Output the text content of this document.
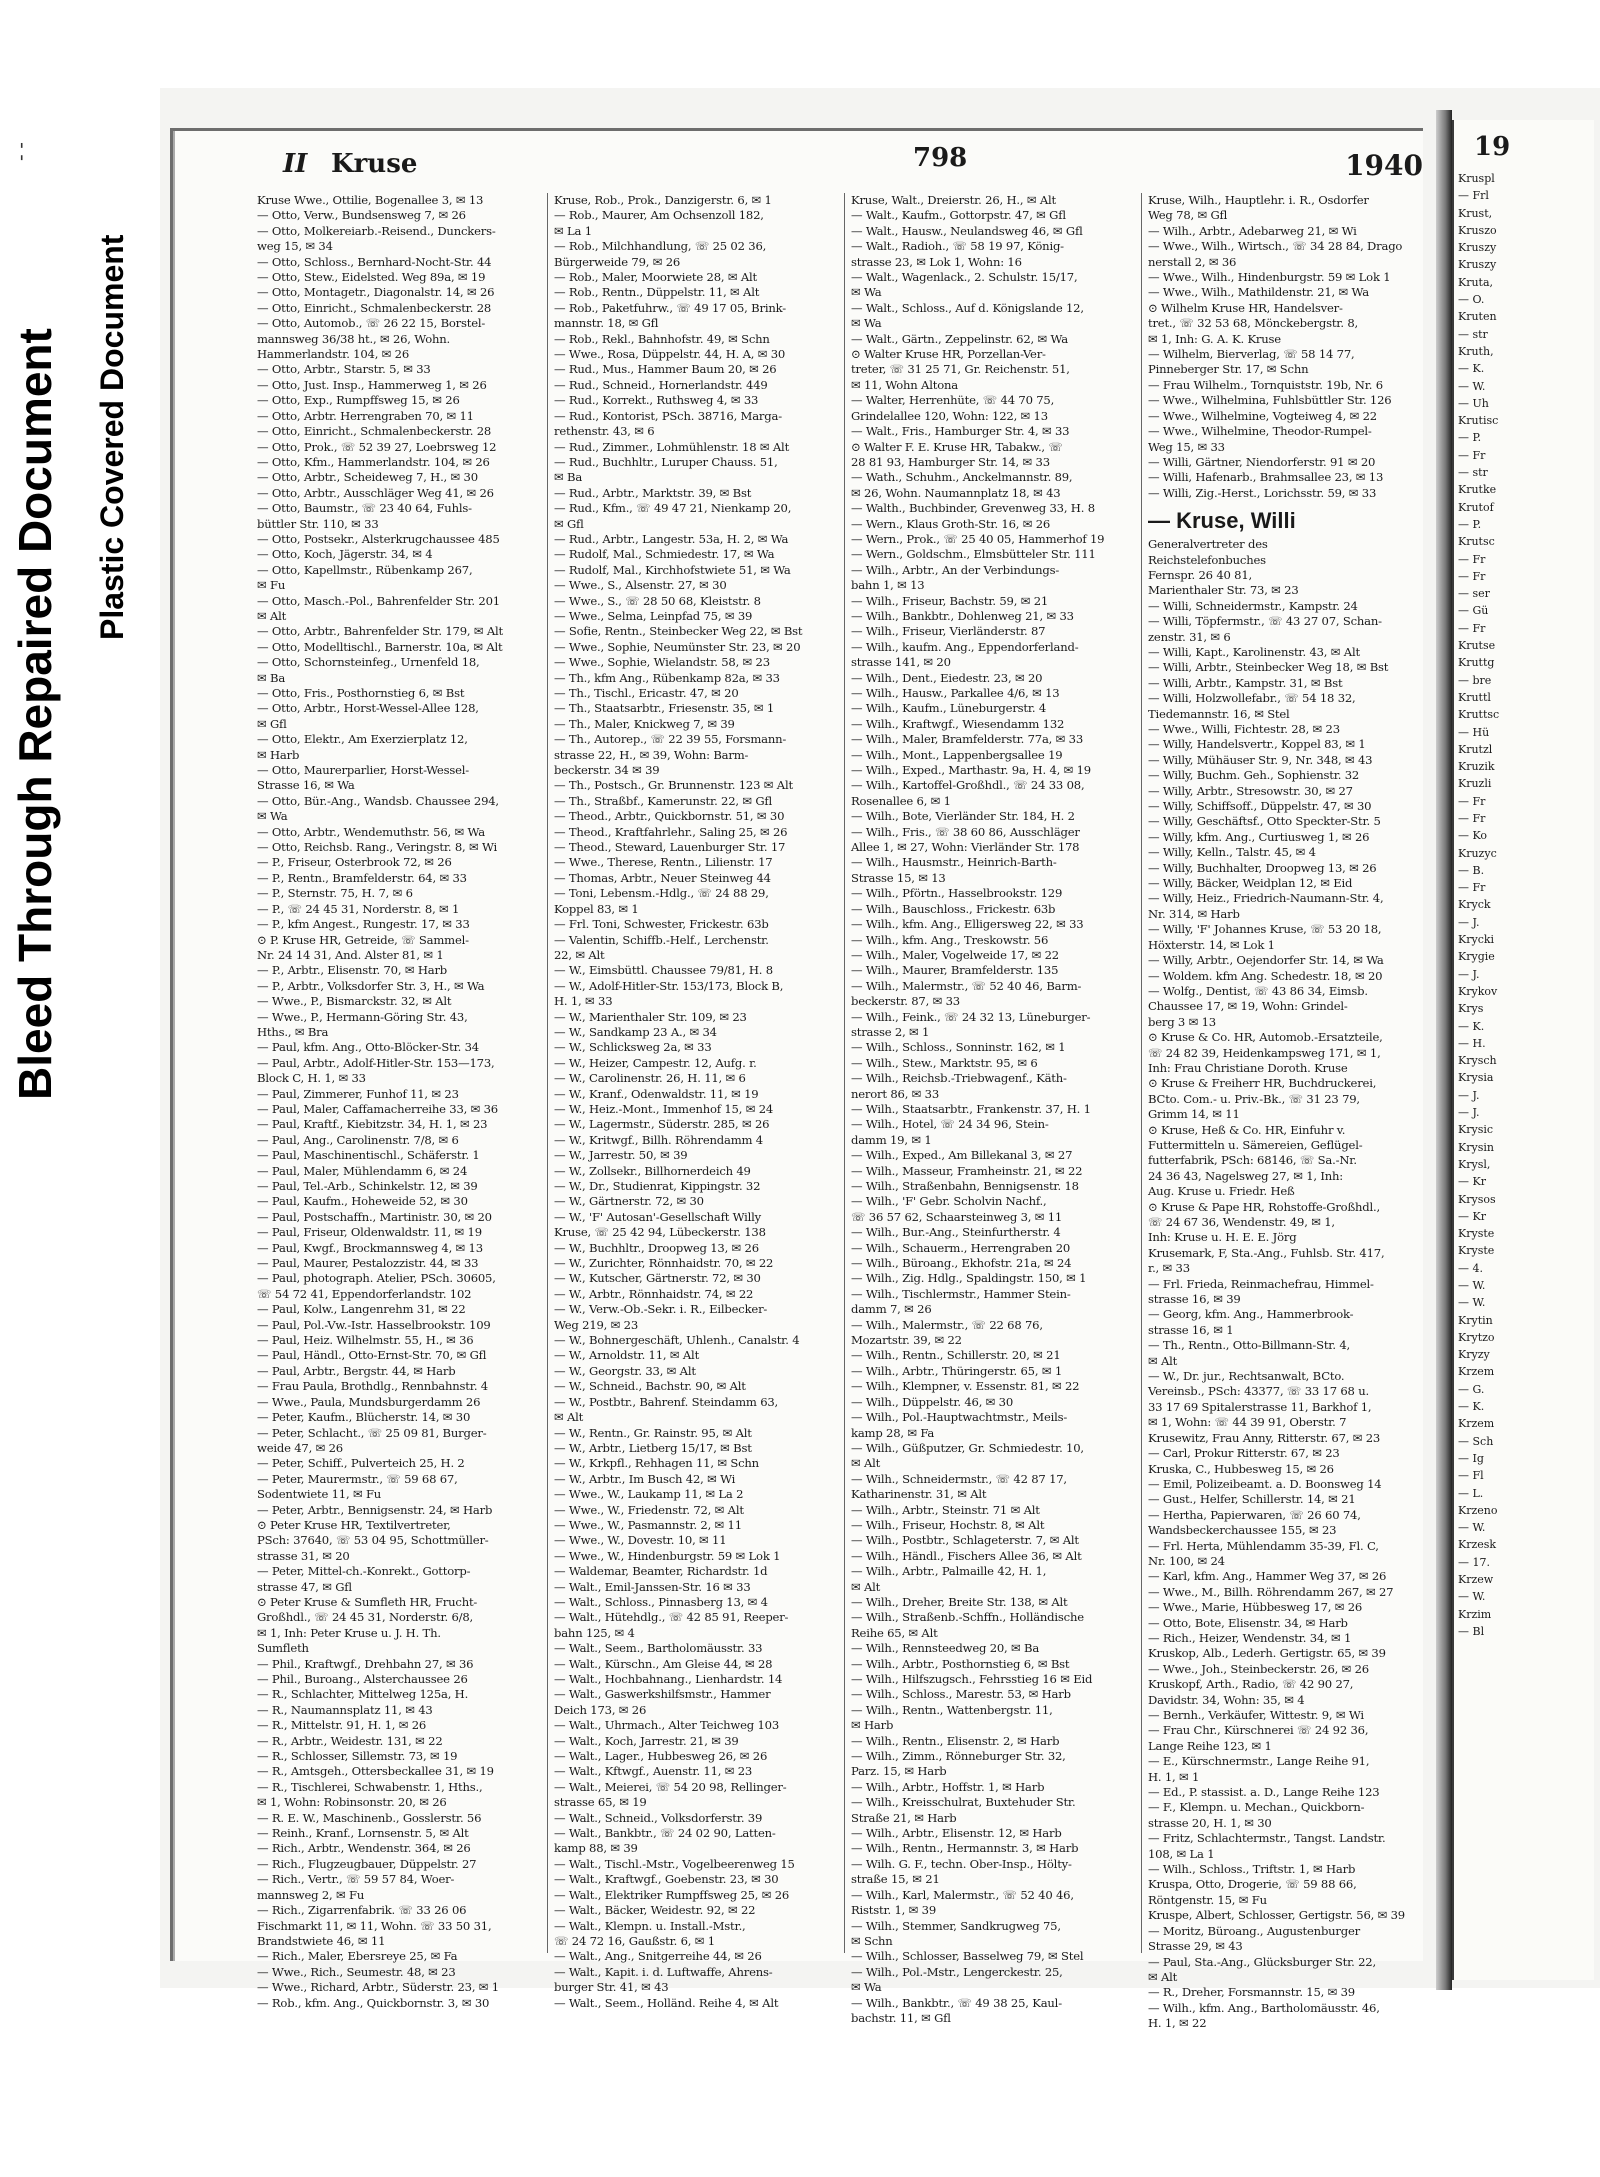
- -
Bleed Through Repaired Document Plastic Covered Document
II Kruse	798	1940
Kruse Wwe., Ottilie, Bogenallee 3, ✉ 13
— Otto, Verw., Bundsensweg 7, ✉ 26
— Otto, Molkereiarb.-Reisend., Dunckers-
weg 15, ✉ 34
— Otto, Schloss., Bernhard-Nocht-Str. 44
— Otto, Stew., Eidelsted. Weg 89a, ✉ 19
— Otto, Montagetr., Diagonalstr. 14, ✉ 26
— Otto, Einricht., Schmalenbeckerstr. 28
— Otto, Automob., ☏ 26 22 15, Borstel-
mannsweg 36/38 ht., ✉ 26, Wohn.
Hammerlandstr. 104, ✉ 26
— Otto, Arbtr., Starstr. 5, ✉ 33
— Otto, Just. Insp., Hammerweg 1, ✉ 26
— Otto, Exp., Rumpffsweg 15, ✉ 26
— Otto, Arbtr. Herrengraben 70, ✉ 11
— Otto, Einricht., Schmalenbeckerstr. 28
— Otto, Prok., ☏ 52 39 27, Loebrsweg 12
— Otto, Kfm., Hammerlandstr. 104, ✉ 26
— Otto, Arbtr., Scheideweg 7, H., ✉ 30
— Otto, Arbtr., Ausschläger Weg 41, ✉ 26
— Otto, Baumstr., ☏ 23 40 64, Fuhls-
büttler Str. 110, ✉ 33
— Otto, Postsekr., Alsterkrugchaussee 485
— Otto, Koch, Jägerstr. 34, ✉ 4
— Otto, Kapellmstr., Rübenkamp 267,
✉ Fu
— Otto, Masch.-Pol., Bahrenfelder Str. 201
✉ Alt
— Otto, Arbtr., Bahrenfelder Str. 179, ✉ Alt
— Otto, Modelltischl., Barnerstr. 10a, ✉ Alt
— Otto, Schornsteinfeg., Urnenfeld 18,
✉ Ba
— Otto, Fris., Posthornstieg 6, ✉ Bst
— Otto, Arbtr., Horst-Wessel-Allee 128,
✉ Gfl
— Otto, Elektr., Am Exerzierplatz 12,
✉ Harb
— Otto, Maurerparlier, Horst-Wessel-
Strasse 16, ✉ Wa
— Otto, Bür.-Ang., Wandsb. Chaussee 294,
✉ Wa
— Otto, Arbtr., Wendemuthstr. 56, ✉ Wa
— Otto, Reichsb. Rang., Veringstr. 8, ✉ Wi
— P., Friseur, Osterbrook 72, ✉ 26
— P., Rentn., Bramfelderstr. 64, ✉ 33
— P., Sternstr. 75, H. 7, ✉ 6
— P., ☏ 24 45 31, Norderstr. 8, ✉ 1
— P., kfm Angest., Rungestr. 17, ✉ 33
⊙ P. Kruse HR, Getreide, ☏ Sammel-
Nr. 24 14 31, And. Alster 81, ✉ 1
— P., Arbtr., Elisenstr. 70, ✉ Harb
— P., Arbtr., Volksdorfer Str. 3, H., ✉ Wa
— Wwe., P., Bismarckstr. 32, ✉ Alt
— Wwe., P., Hermann-Göring Str. 43,
Hths., ✉ Bra
— Paul, kfm. Ang., Otto-Blöcker-Str. 34
— Paul, Arbtr., Adolf-Hitler-Str. 153—173,
Block C, H. 1, ✉ 33
— Paul, Zimmerer, Funhof 11, ✉ 23
— Paul, Maler, Caffamacherreihe 33, ✉ 36
— Paul, Kraftf., Kiebitzstr. 34, H. 1, ✉ 23
— Paul, Ang., Carolinenstr. 7/8, ✉ 6
— Paul, Maschinentischl., Schäferstr. 1
— Paul, Maler, Mühlendamm 6, ✉ 24
— Paul, Tel.-Arb., Schinkelstr. 12, ✉ 39
— Paul, Kaufm., Hoheweide 52, ✉ 30
— Paul, Postschaffn., Martinistr. 30, ✉ 20
— Paul, Friseur, Oldenwaldstr. 11, ✉ 19
— Paul, Kwgf., Brockmannsweg 4, ✉ 13
— Paul, Maurer, Pestalozzistr. 44, ✉ 33
— Paul, photograph. Atelier, PSch. 30605,
☏ 54 72 41, Eppendorferlandstr. 102
— Paul, Kolw., Langenrehm 31, ✉ 22
— Paul, Pol.-Vw.-Istr. Hasselbrookstr. 109
— Paul, Heiz. Wilhelmstr. 55, H., ✉ 36
— Paul, Händl., Otto-Ernst-Str. 70, ✉ Gfl
— Paul, Arbtr., Bergstr. 44, ✉ Harb
— Frau Paula, Brothdlg., Rennbahnstr. 4
— Wwe., Paula, Mundsburgerdamm 26
— Peter, Kaufm., Blücherstr. 14, ✉ 30
— Peter, Schlacht., ☏ 25 09 81, Burger-
weide 47, ✉ 26
— Peter, Schiff., Pulverteich 25, H. 2
— Peter, Maurermstr., ☏ 59 68 67,
Sodentwiete 11, ✉ Fu
— Peter, Arbtr., Bennigsenstr. 24, ✉ Harb
⊙ Peter Kruse HR, Textilvertreter,
PSch: 37640, ☏ 53 04 95, Schottmüller-
strasse 31, ✉ 20
— Peter, Mittel-ch.-Konrekt., Gottorp-
strasse 47, ✉ Gfl
⊙ Peter Kruse & Sumfleth HR, Frucht-
Großhdl., ☏ 24 45 31, Norderstr. 6/8,
✉ 1, Inh: Peter Kruse u. J. H. Th.
Sumfleth
— Phil., Kraftwgf., Drehbahn 27, ✉ 36
— Phil., Buroang., Alsterchaussee 26
— R., Schlachter, Mittelweg 125a, H.
— R., Naumannsplatz 11, ✉ 43
— R., Mittelstr. 91, H. 1, ✉ 26
— R., Arbtr., Weidestr. 131, ✉ 22
— R., Schlosser, Sillemstr. 73, ✉ 19
— R., Amtsgeh., Ottersbeckallee 31, ✉ 19
— R., Tischlerei, Schwabenstr. 1, Hths.,
✉ 1, Wohn: Robinsonstr. 20, ✉ 26
— R. E. W., Maschinenb., Gosslerstr. 56
— Reinh., Kranf., Lornsenstr. 5, ✉ Alt
— Rich., Arbtr., Wendenstr. 364, ✉ 26
— Rich., Flugzeugbauer, Düppelstr. 27
— Rich., Vertr., ☏ 59 57 84, Woer-
mannsweg 2, ✉ Fu
— Rich., Zigarrenfabrik. ☏ 33 26 06
Fischmarkt 11, ✉ 11, Wohn. ☏ 33 50 31,
Brandstwiete 46, ✉ 11
— Rich., Maler, Ebersreye 25, ✉ Fa
— Wwe., Rich., Seumestr. 48, ✉ 23
— Wwe., Richard, Arbtr., Süderstr. 23, ✉ 1
— Rob., kfm. Ang., Quickbornstr. 3, ✉ 30
Kruse, Rob., Prok., Danzigerstr. 6, ✉ 1
— Rob., Maurer, Am Ochsenzoll 182,
✉ La 1
— Rob., Milchhandlung, ☏ 25 02 36,
Bürgerweide 79, ✉ 26
— Rob., Maler, Moorwiete 28, ✉ Alt
— Rob., Rentn., Düppelstr. 11, ✉ Alt
— Rob., Paketfuhrw., ☏ 49 17 05, Brink-
mannstr. 18, ✉ Gfl
— Rob., Rekl., Bahnhofstr. 49, ✉ Schn
— Wwe., Rosa, Düppelstr. 44, H. A, ✉ 30
— Rud., Mus., Hammer Baum 20, ✉ 26
— Rud., Schneid., Hornerlandstr. 449
— Rud., Korrekt., Ruthsweg 4, ✉ 33
— Rud., Kontorist, PSch. 38716, Marga-
rethenstr. 43, ✉ 6
— Rud., Zimmer., Lohmühlenstr. 18 ✉ Alt
— Rud., Buchhltr., Luruper Chauss. 51,
✉ Ba
— Rud., Arbtr., Marktstr. 39, ✉ Bst
— Rud., Kfm., ☏ 49 47 21, Nienkamp 20,
✉ Gfl
— Rud., Arbtr., Langestr. 53a, H. 2, ✉ Wa
— Rudolf, Mal., Schmiedestr. 17, ✉ Wa
— Rudolf, Mal., Kirchhofstwiete 51, ✉ Wa
— Wwe., S., Alsenstr. 27, ✉ 30
— Wwe., S., ☏ 28 50 68, Kleiststr. 8
— Wwe., Selma, Leinpfad 75, ✉ 39
— Sofie, Rentn., Steinbecker Weg 22, ✉ Bst
— Wwe., Sophie, Neumünster Str. 23, ✉ 20
— Wwe., Sophie, Wielandstr. 58, ✉ 23
— Th., kfm Ang., Rübenkamp 82a, ✉ 33
— Th., Tischl., Ericastr. 47, ✉ 20
— Th., Staatsarbtr., Friesenstr. 35, ✉ 1
— Th., Maler, Knickweg 7, ✉ 39
— Th., Autorep., ☏ 22 39 55, Forsmann-
strasse 22, H., ✉ 39, Wohn: Barm-
beckerstr. 34 ✉ 39
— Th., Postsch., Gr. Brunnenstr. 123 ✉ Alt
— Th., Straßbf., Kamerunstr. 22, ✉ Gfl
— Theod., Arbtr., Quickbornstr. 51, ✉ 30
— Theod., Kraftfahrlehr., Saling 25, ✉ 26
— Theod., Steward, Lauenburger Str. 17
— Wwe., Therese, Rentn., Lilienstr. 17
— Thomas, Arbtr., Neuer Steinweg 44
— Toni, Lebensm.-Hdlg., ☏ 24 88 29,
Koppel 83, ✉ 1
— Frl. Toni, Schwester, Frickestr. 63b
— Valentin, Schiffb.-Helf., Lerchenstr.
22, ✉ Alt
— W., Eimsbüttl. Chaussee 79/81, H. 8
— W., Adolf-Hitler-Str. 153/173, Block B,
H. 1, ✉ 33
— W., Marienthaler Str. 109, ✉ 23
— W., Sandkamp 23 A., ✉ 34
— W., Schlicksweg 2a, ✉ 33
— W., Heizer, Campestr. 12, Aufg. r.
— W., Carolinenstr. 26, H. 11, ✉ 6
— W., Kranf., Odenwaldstr. 11, ✉ 19
— W., Heiz.-Mont., Immenhof 15, ✉ 24
— W., Lagermstr., Süderstr. 285, ✉ 26
— W., Kritwgf., Billh. Röhrendamm 4
— W., Jarrestr. 50, ✉ 39
— W., Zollsekr., Billhornerdeich 49
— W., Dr., Studienrat, Kippingstr. 32
— W., Gärtnerstr. 72, ✉ 30
— W., 'F' Autosan'-Gesellschaft Willy
Kruse, ☏ 25 42 94, Lübeckerstr. 138
— W., Buchhltr., Droopweg 13, ✉ 26
— W., Zurichter, Rönnhaidstr. 70, ✉ 22
— W., Kutscher, Gärtnerstr. 72, ✉ 30
— W., Arbtr., Rönnhaidstr. 74, ✉ 22
— W., Verw.-Ob.-Sekr. i. R., Eilbecker-
Weg 219, ✉ 23
— W., Bohnergeschäft, Uhlenh., Canalstr. 4
— W., Arnoldstr. 11, ✉ Alt
— W., Georgstr. 33, ✉ Alt
— W., Schneid., Bachstr. 90, ✉ Alt
— W., Postbtr., Bahrenf. Steindamm 63,
✉ Alt
— W., Rentn., Gr. Rainstr. 95, ✉ Alt
— W., Arbtr., Lietberg 15/17, ✉ Bst
— W., Krkpfl., Rehhagen 11, ✉ Schn
— W., Arbtr., Im Busch 42, ✉ Wi
— Wwe., W., Laukamp 11, ✉ La 2
— Wwe., W., Friedenstr. 72, ✉ Alt
— Wwe., W., Pasmannstr. 2, ✉ 11
— Wwe., W., Dovestr. 10, ✉ 11
— Wwe., W., Hindenburgstr. 59 ✉ Lok 1
— Waldemar, Beamter, Richardstr. 1d
— Walt., Emil-Janssen-Str. 16 ✉ 33
— Walt., Schloss., Pinnasberg 13, ✉ 4
— Walt., Hütehdlg., ☏ 42 85 91, Reeper-
bahn 125, ✉ 4
— Walt., Seem., Bartholomäusstr. 33
— Walt., Kürschn., Am Gleise 44, ✉ 28
— Walt., Hochbahnang., Lienhardstr. 14
— Walt., Gaswerkshilfsmstr., Hammer
Deich 173, ✉ 26
— Walt., Uhrmach., Alter Teichweg 103
— Walt., Koch, Jarrestr. 21, ✉ 39
— Walt., Lager., Hubbesweg 26, ✉ 26
— Walt., Kftwgf., Auenstr. 11, ✉ 23
— Walt., Meierei, ☏ 54 20 98, Rellinger-
strasse 65, ✉ 19
— Walt., Schneid., Volksdorferstr. 39
— Walt., Bankbtr., ☏ 24 02 90, Latten-
kamp 88, ✉ 39
— Walt., Tischl.-Mstr., Vogelbeerenweg 15
— Walt., Kraftwgf., Goebenstr. 23, ✉ 30
— Walt., Elektriker Rumpffsweg 25, ✉ 26
— Walt., Bäcker, Weidestr. 92, ✉ 22
— Walt., Klempn. u. Install.-Mstr.,
☏ 24 72 16, Gaußstr. 6, ✉ 1
— Walt., Ang., Snitgerreihe 44, ✉ 26
— Walt., Kapit. i. d. Luftwaffe, Ahrens-
burger Str. 41, ✉ 43
— Walt., Seem., Holländ. Reihe 4, ✉ Alt
Kruse, Walt., Dreierstr. 26, H., ✉ Alt
— Walt., Kaufm., Gottorpstr. 47, ✉ Gfl
— Walt., Hausw., Neulandsweg 46, ✉ Gfl
— Walt., Radioh., ☏ 58 19 97, König-
strasse 23, ✉ Lok 1, Wohn: 16
— Walt., Wagenlack., 2. Schulstr. 15/17,
✉ Wa
— Walt., Schloss., Auf d. Königslande 12,
✉ Wa
— Walt., Gärtn., Zeppelinstr. 62, ✉ Wa
⊙ Walter Kruse HR, Porzellan-Ver-
treter, ☏ 31 25 71, Gr. Reichenstr. 51,
✉ 11, Wohn Altona
— Walter, Herrenhüte, ☏ 44 70 75,
Grindelallee 120, Wohn: 122, ✉ 13
— Walt., Fris., Hamburger Str. 4, ✉ 33
⊙ Walter F. E. Kruse HR, Tabakw., ☏
28 81 93, Hamburger Str. 14, ✉ 33
— Wath., Schuhm., Anckelmannstr. 89,
✉ 26, Wohn. Naumannplatz 18, ✉ 43
— Walth., Buchbinder, Grevenweg 33, H. 8
— Wern., Klaus Groth-Str. 16, ✉ 26
— Wern., Prok., ☏ 25 40 05, Hammerhof 19
— Wern., Goldschm., Elmsbütteler Str. 111
— Wilh., Arbtr., An der Verbindungs-
bahn 1, ✉ 13
— Wilh., Friseur, Bachstr. 59, ✉ 21
— Wilh., Bankbtr., Dohlenweg 21, ✉ 33
— Wilh., Friseur, Vierländerstr. 87
— Wilh., kaufm. Ang., Eppendorferland-
strasse 141, ✉ 20
— Wilh., Dent., Eiedestr. 23, ✉ 20
— Wilh., Hausw., Parkallee 4/6, ✉ 13
— Wilh., Kaufm., Lüneburgerstr. 4
— Wilh., Kraftwgf., Wiesendamm 132
— Wilh., Maler, Bramfelderstr. 77a, ✉ 33
— Wilh., Mont., Lappenbergsallee 19
— Wilh., Exped., Marthastr. 9a, H. 4, ✉ 19
— Wilh., Kartoffel-Großhdl., ☏ 24 33 08,
Rosenallee 6, ✉ 1
— Wilh., Bote, Vierländer Str. 184, H. 2
— Wilh., Fris., ☏ 38 60 86, Ausschläger
Allee 1, ✉ 27, Wohn: Vierländer Str. 178
— Wilh., Hausmstr., Heinrich-Barth-
Strasse 15, ✉ 13
— Wilh., Pförtn., Hasselbrookstr. 129
— Wilh., Bauschloss., Frickestr. 63b
— Wilh., kfm. Ang., Elligersweg 22, ✉ 33
— Wilh., kfm. Ang., Treskowstr. 56
— Wilh., Maler, Vogelweide 17, ✉ 22
— Wilh., Maurer, Bramfelderstr. 135
— Wilh., Malermstr., ☏ 52 40 46, Barm-
beckerstr. 87, ✉ 33
— Wilh., Feink., ☏ 24 32 13, Lüneburger-
strasse 2, ✉ 1
— Wilh., Schloss., Sonninstr. 162, ✉ 1
— Wilh., Stew., Marktstr. 95, ✉ 6
— Wilh., Reichsb.-Triebwagenf., Käth-
nerort 86, ✉ 33
— Wilh., Staatsarbtr., Frankenstr. 37, H. 1
— Wilh., Hotel, ☏ 24 34 96, Stein-
damm 19, ✉ 1
— Wilh., Exped., Am Billekanal 3, ✉ 27
— Wilh., Masseur, Framheinstr. 21, ✉ 22
— Wilh., Straßenbahn, Bennigsenstr. 18
— Wilh., 'F' Gebr. Scholvin Nachf.,
☏ 36 57 62, Schaarsteinweg 3, ✉ 11
— Wilh., Bur.-Ang., Steinfurtherstr. 4
— Wilh., Schauerm., Herrengraben 20
— Wilh., Büroang., Ekhofstr. 21a, ✉ 24
— Wilh., Zig. Hdlg., Spaldingstr. 150, ✉ 1
— Wilh., Tischlermstr., Hammer Stein-
damm 7, ✉ 26
— Wilh., Malermstr., ☏ 22 68 76,
Mozartstr. 39, ✉ 22
— Wilh., Rentn., Schillerstr. 20, ✉ 21
— Wilh., Arbtr., Thüringerstr. 65, ✉ 1
— Wilh., Klempner, v. Essenstr. 81, ✉ 22
— Wilh., Düppelstr. 46, ✉ 30
— Wilh., Pol.-Hauptwachtmstr., Meils-
kamp 28, ✉ Fa
— Wilh., Güßputzer, Gr. Schmiedestr. 10,
✉ Alt
— Wilh., Schneidermstr., ☏ 42 87 17,
Katharinenstr. 31, ✉ Alt
— Wilh., Arbtr., Steinstr. 71 ✉ Alt
— Wilh., Friseur, Hochstr. 8, ✉ Alt
— Wilh., Postbtr., Schlageterstr. 7, ✉ Alt
— Wilh., Händl., Fischers Allee 36, ✉ Alt
— Wilh., Arbtr., Palmaille 42, H. 1,
✉ Alt
— Wilh., Dreher, Breite Str. 138, ✉ Alt
— Wilh., Straßenb.-Schffn., Holländische
Reihe 65, ✉ Alt
— Wilh., Rennsteedweg 20, ✉ Ba
— Wilh., Arbtr., Posthornstieg 6, ✉ Bst
— Wilh., Hilfszugsch., Fehrsstieg 16 ✉ Eid
— Wilh., Schloss., Marestr. 53, ✉ Harb
— Wilh., Rentn., Wattenbergstr. 11,
✉ Harb
— Wilh., Rentn., Elisenstr. 2, ✉ Harb
— Wilh., Zimm., Rönneburger Str. 32,
Parz. 15, ✉ Harb
— Wilh., Arbtr., Hoffstr. 1, ✉ Harb
— Wilh., Kreisschulrat, Buxtehuder Str.
Straße 21, ✉ Harb
— Wilh., Arbtr., Elisenstr. 12, ✉ Harb
— Wilh., Rentn., Hermannstr. 3, ✉ Harb
— Wilh. G. F., techn. Ober-Insp., Hölty-
straße 15, ✉ 21
— Wilh., Karl, Malermstr., ☏ 52 40 46,
Riststr. 1, ✉ 39
— Wilh., Stemmer, Sandkrugweg 75,
✉ Schn
— Wilh., Schlosser, Basselweg 79, ✉ Stel
— Wilh., Pol.-Mstr., Lengerckestr. 25,
✉ Wa
— Wilh., Bankbtr., ☏ 49 38 25, Kaul-
bachstr. 11, ✉ Gfl
Kruse, Wilh., Hauptlehr. i. R., Osdorfer
Weg 78, ✉ Gfl
— Wilh., Arbtr., Adebarweg 21, ✉ Wi
— Wwe., Wilh., Wirtsch., ☏ 34 28 84, Drago
nerstall 2, ✉ 36
— Wwe., Wilh., Hindenburgstr. 59 ✉ Lok 1
— Wwe., Wilh., Mathildenstr. 21, ✉ Wa
⊙ Wilhelm Kruse HR, Handelsver-
tret., ☏ 32 53 68, Mönckebergstr. 8,
✉ 1, Inh: G. A. K. Kruse
— Wilhelm, Bierverlag, ☏ 58 14 77,
Pinneberger Str. 17, ✉ Schn
— Frau Wilhelm., Tornquiststr. 19b, Nr. 6
— Wwe., Wilhelmina, Fuhlsbüttler Str. 126
— Wwe., Wilhelmine, Vogteiweg 4, ✉ 22
— Wwe., Wilhelmine, Theodor-Rumpel-
Weg 15, ✉ 33
— Willi, Gärtner, Niendorferstr. 91 ✉ 20
— Willi, Hafenarb., Brahmsallee 23, ✉ 13
— Willi, Zig.-Herst., Lorichsstr. 59, ✉ 33
— Kruse, Willi
Generalvertreter des
Reichstelefonbuches
Fernspr. 26 40 81,
Marienthaler Str. 73, ✉ 23
— Willi, Schneidermstr., Kampstr. 24
— Willi, Töpfermstr., ☏ 43 27 07, Schan-
zenstr. 31, ✉ 6
— Willi, Kapt., Karolinenstr. 43, ✉ Alt
— Willi, Arbtr., Steinbecker Weg 18, ✉ Bst
— Willi, Arbtr., Kampstr. 31, ✉ Bst
— Willi, Holzwollefabr., ☏ 54 18 32,
Tiedemannstr. 16, ✉ Stel
— Wwe., Willi, Fichtestr. 28, ✉ 23
— Willy, Handelsvertr., Koppel 83, ✉ 1
— Willy, Mühäuser Str. 9, Nr. 348, ✉ 43
— Willy, Buchm. Geh., Sophienstr. 32
— Willy, Arbtr., Stresowstr. 30, ✉ 27
— Willy, Schiffsoff., Düppelstr. 47, ✉ 30
— Willy, Geschäftsf., Otto Speckter-Str. 5
— Willy, kfm. Ang., Curtiusweg 1, ✉ 26
— Willy, Kelln., Talstr. 45, ✉ 4
— Willy, Buchhalter, Droopweg 13, ✉ 26
— Willy, Bäcker, Weidplan 12, ✉ Eid
— Willy, Heiz., Friedrich-Naumann-Str. 4,
Nr. 314, ✉ Harb
— Willy, 'F' Johannes Kruse, ☏ 53 20 18,
Höxterstr. 14, ✉ Lok 1
— Willy, Arbtr., Oejendorfer Str. 14, ✉ Wa
— Woldem. kfm Ang. Schedestr. 18, ✉ 20
— Wolfg., Dentist, ☏ 43 86 34, Eimsb.
Chaussee 17, ✉ 19, Wohn: Grindel-
berg 3 ✉ 13
⊙ Kruse & Co. HR, Automob.-Ersatzteile,
☏ 24 82 39, Heidenkampsweg 171, ✉ 1,
Inh: Frau Christiane Doroth. Kruse
⊙ Kruse & Freiherr HR, Buchdruckerei,
BCto. Com.- u. Priv.-Bk., ☏ 31 23 79,
Grimm 14, ✉ 11
⊙ Kruse, Heß & Co. HR, Einfuhr v.
Futtermitteln u. Sämereien, Geflügel-
futterfabrik, PSch: 68146, ☏ Sa.-Nr.
24 36 43, Nagelsweg 27, ✉ 1, Inh:
Aug. Kruse u. Friedr. Heß
⊙ Kruse & Pape HR, Rohstoffe-Großhdl.,
☏ 24 67 36, Wendenstr. 49, ✉ 1,
Inh: Kruse u. H. E. E. Jörg
Krusemark, F, Sta.-Ang., Fuhlsb. Str. 417,
r., ✉ 33
— Frl. Frieda, Reinmachefrau, Himmel-
strasse 16, ✉ 39
— Georg, kfm. Ang., Hammerbrook-
strasse 16, ✉ 1
— Th., Rentn., Otto-Billmann-Str. 4,
✉ Alt
— W., Dr. jur., Rechtsanwalt, BCto.
Vereinsb., PSch: 43377, ☏ 33 17 68 u.
33 17 69 Spitalerstrasse 11, Barkhof 1,
✉ 1, Wohn: ☏ 44 39 91, Oberstr. 7
Krusewitz, Frau Anny, Ritterstr. 67, ✉ 23
— Carl, Prokur Ritterstr. 67, ✉ 23
Kruska, C., Hubbesweg 15, ✉ 26
— Emil, Polizeibeamt. a. D. Boonsweg 14
— Gust., Helfer, Schillerstr. 14, ✉ 21
— Hertha, Papierwaren, ☏ 26 60 74,
Wandsbeckerchaussee 155, ✉ 23
— Frl. Herta, Mühlendamm 35-39, Fl. C,
Nr. 100, ✉ 24
— Karl, kfm. Ang., Hammer Weg 37, ✉ 26
— Wwe., M., Billh. Röhrendamm 267, ✉ 27
— Wwe., Marie, Hübbesweg 17, ✉ 26
— Otto, Bote, Elisenstr. 34, ✉ Harb
— Rich., Heizer, Wendenstr. 34, ✉ 1
Kruskop, Alb., Lederh. Gertigstr. 65, ✉ 39
— Wwe., Joh., Steinbeckerstr. 26, ✉ 26
Kruskopf, Arth., Radio, ☏ 42 90 27,
Davidstr. 34, Wohn: 35, ✉ 4
— Bernh., Verkäufer, Wittestr. 9, ✉ Wi
— Frau Chr., Kürschnerei ☏ 24 92 36,
Lange Reihe 123, ✉ 1
— E., Kürschnermstr., Lange Reihe 91,
H. 1, ✉ 1
— Ed., P. stassist. a. D., Lange Reihe 123
— F., Klempn. u. Mechan., Quickborn-
strasse 20, H. 1, ✉ 30
— Fritz, Schlachtermstr., Tangst. Landstr.
108, ✉ La 1
— Wilh., Schloss., Triftstr. 1, ✉ Harb
Kruspa, Otto, Drogerie, ☏ 59 88 66,
Röntgenstr. 15, ✉ Fu
Kruspe, Albert, Schlosser, Gertigstr. 56, ✉ 39
— Moritz, Büroang., Augustenburger
Strasse 29, ✉ 43
— Paul, Sta.-Ang., Glücksburger Str. 22,
✉ Alt
— R., Dreher, Forsmannstr. 15, ✉ 39
— Wilh., kfm. Ang., Bartholomäusstr. 46,
H. 1, ✉ 22
19
Kruspl
— Frl
Krust,
Kruszo
Kruszy
Kruszy
Kruta,
— O.
Kruten
— str
Kruth,
— K.
— W.
— Uh
Krutisc
— P.
— Fr
— str
Krutke
Krutof
— P.
Krutsc
— Fr
— Fr
— ser
— Gü
— Fr
Krutse
Kruttg
— bre
Kruttl
Kruttsc
— Hü
Krutzl
Kruzik
Kruzli
— Fr
— Fr
— Ko
Kruzyc
— B.
— Fr
Kryck
— J.
Krycki
Krygie
— J.
Krykov
Krys
— K.
— H.
Krysch
Krysia
— J.
— J.
Krysic
Krysin
Krysl,
— Kr
Krysos
— Kr
Kryste
Kryste
— 4.
— W.
— W.
Krytin
Krytzo
Kryzy
Krzem
— G.
— K.
Krzem
— Sch
— Ig
— Fl
— L.
Krzeno
— W.
Krzesk
— 17.
Krzew
— W.
Krzim
— Bl
